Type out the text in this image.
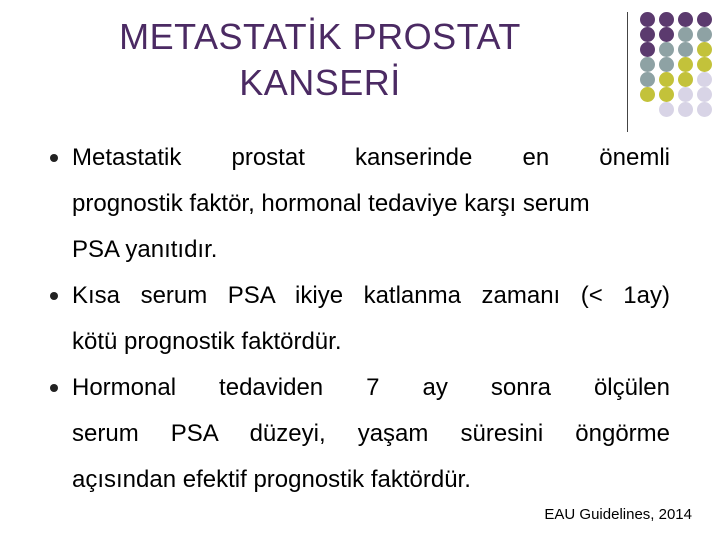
METASTATİK PROSTAT
KANSERİ
Metastatik prostat kanserinde en önemli
prognostik faktör, hormonal tedaviye karşı serum
PSA yanıtıdır.
Kısa serum PSA ikiye katlanma zamanı (< 1ay)
kötü prognostik faktördür.
Hormonal tedaviden 7 ay sonra ölçülen
serum PSA düzeyi, yaşam süresini öngörme
açısından efektif prognostik faktördür.
EAU Guidelines, 2014
